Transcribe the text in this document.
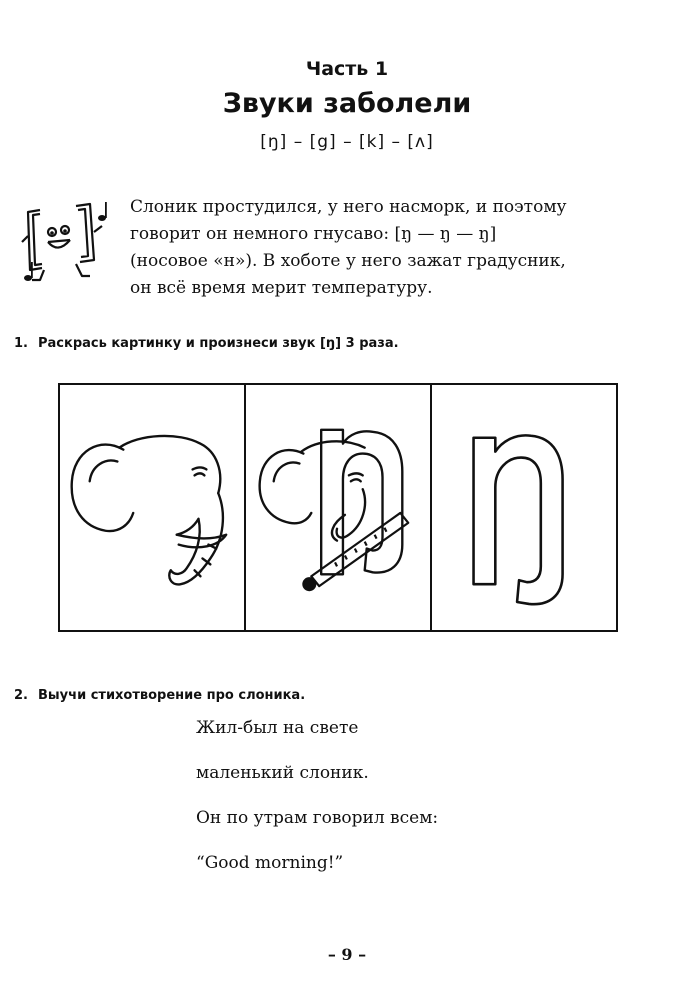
Часть 1
Звуки заболели
[ŋ] – [g] – [k] – [ʌ]

Слоник простудился, у него насморк, и поэтому

говорит он немного гнусаво: [ŋ — ŋ — ŋ]

(носовое «н»). В хоботе у него зажат градусник,

он всё время мерит температуру.

1. Раскрась картинку и произнеси звук [ŋ] 3 раза.
2. Выучи стихотворение про слоника.
Жил-был на свете
маленький слоник.
Он по утрам говорил всем:
“Good morning!”
– 9 –
